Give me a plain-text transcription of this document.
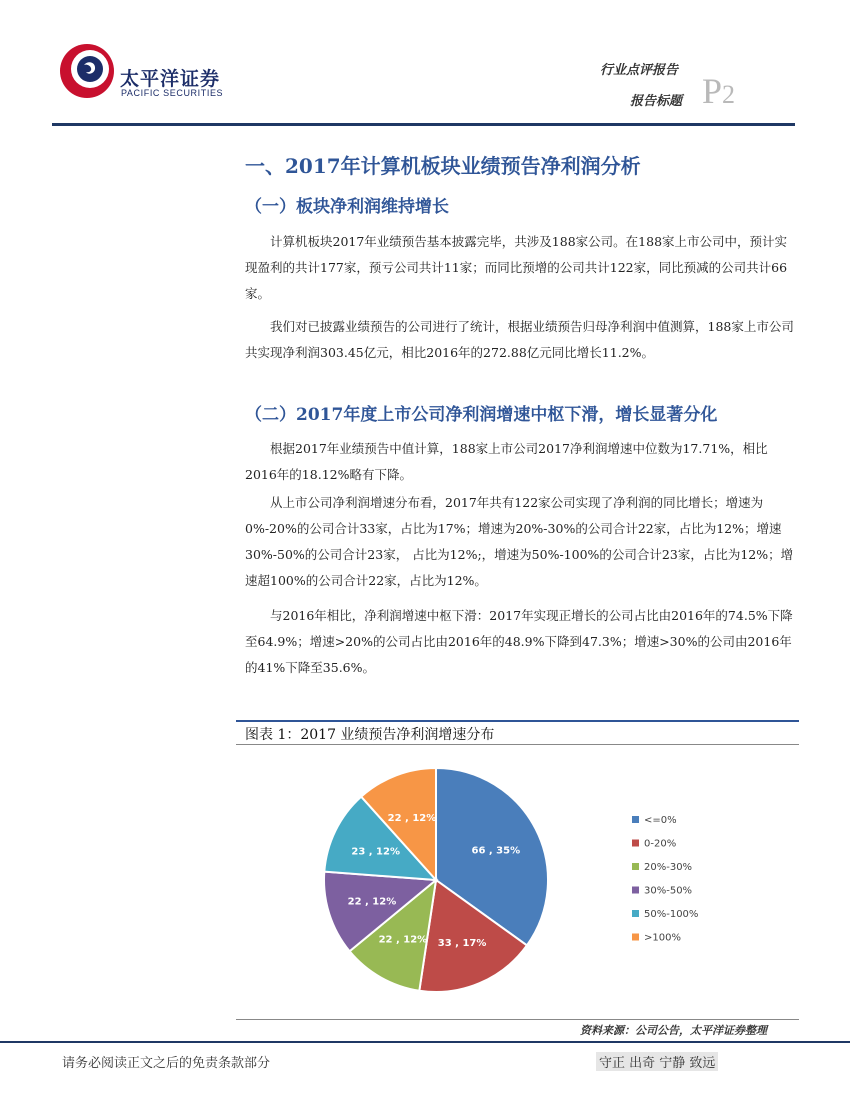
太平洋证券
PACIFIC SECURITIES
行业点评报告
报告标题 P2
一、2017年计算机板块业绩预告净利润分析
（一）板块净利润维持增长

计算机板块2017年业绩预告基本披露完毕，共涉及188家公司。在188家上市公司中，预计实现盈利的共计177家，预亏公司共计11家；而同比预增的公司共计122家，同比预减的公司共计66家。

我们对已披露业绩预告的公司进行了统计，根据业绩预告归母净利润中值测算，188家上市公司共实现净利润303.45亿元，相比2016年的272.88亿元同比增长11.2%。

（二）2017年度上市公司净利润增速中枢下滑，增长显著分化

根据2017年业绩预告中值计算，188家上市公司2017净利润增速中位数为17.71%，相比2016年的18.12%略有下降。

从上市公司净利润增速分布看，2017年共有122家公司实现了净利润的同比增长；增速为 0%-20%的公司合计33家，占比为17%；增速为20%-30%的公司合计22家，占比为12%；增速30%-50%的公司合计23家， 占比为12%;，增速为50%-100%的公司合计23家，占比为12%；增速超100%的公司合计22家，占比为12%。

与2016年相比，净利润增速中枢下滑：2017年实现正增长的公司占比由2016年的74.5%下降至64.9%；增速>20%的公司占比由2016年的48.9%下降到47.3%；增速>30%的公司由2016年的41%下降至35.6%。

图表 1：2017 业绩预告净利润增速分布
66 , 35%
33 , 17%
22 , 12%
22 , 12%
23 , 12%
22 , 12%	<=0%
0-20%
20%-30%
30%-50%
50%-100%
>100%
资料来源：公司公告，太平洋证券整理
请务必阅读正文之后的免责条款部分	守正 出奇 宁静 致远
